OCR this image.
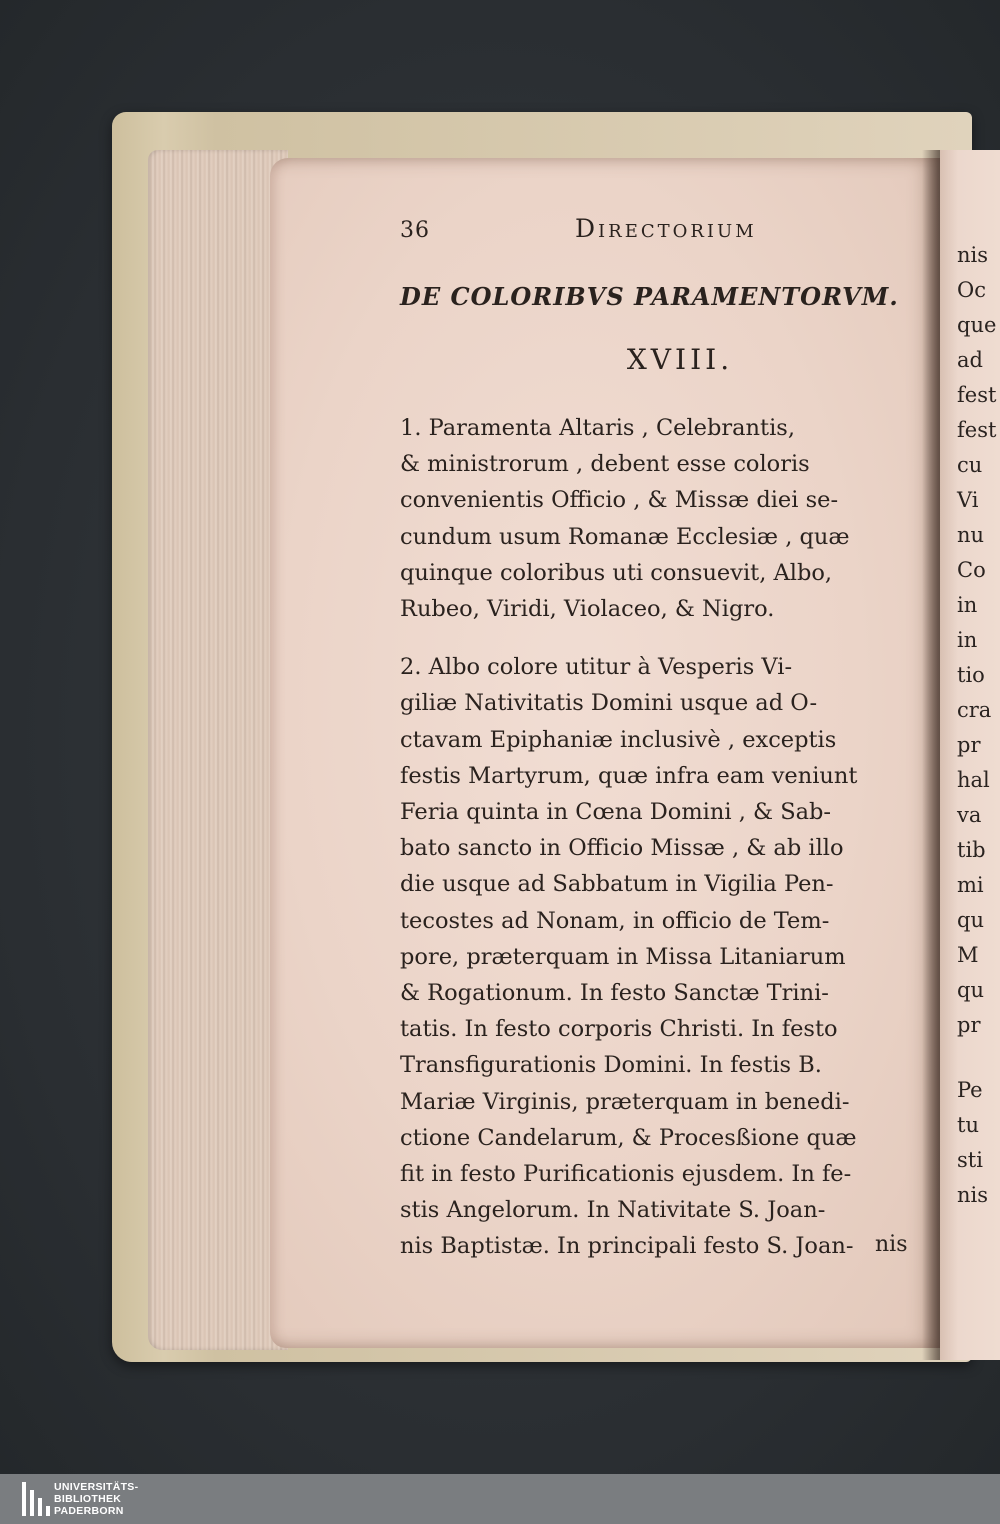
nis
Oc
que
ad
fest
fest
cu
Vi
nu
Co
in
in
tio
cra
pr
hal
va
tib
mi
qu
M
qu
pr
Pe
tu
sti
nis
36	Directorium
DE COLORIBVS PARAMENTORVM.
XVIII.
1. Paramenta Altaris , Celebrantis,
& ministrorum , debent esse coloris
convenientis Officio , & Missæ diei se-
cundum usum Romanæ Ecclesiæ , quæ
quinque coloribus uti consuevit, Albo,
Rubeo, Viridi, Violaceo, & Nigro.
2. Albo colore utitur à Vesperis Vi-
giliæ Nativitatis Domini usque ad O-
ctavam Epiphaniæ inclusivè , exceptis
festis Martyrum, quæ infra eam veniunt
Feria quinta in Cœna Domini , & Sab-
bato sancto in Officio Missæ , & ab illo
die usque ad Sabbatum in Vigilia Pen-
tecostes ad Nonam, in officio de Tem-
pore, præterquam in Missa Litaniarum
& Rogationum. In festo Sanctæ Trini-
tatis. In festo corporis Christi. In festo
Transfigurationis Domini. In festis B.
Mariæ Virginis, præterquam in benedi-
ctione Candelarum, & Procesßione quæ
fit in festo Purificationis ejusdem. In fe-
stis Angelorum. In Nativitate S. Joan-
nis Baptistæ. In principali festo S. Joan- nis
UNIVERSITÄTS-
BIBLIOTHEK
PADERBORN
